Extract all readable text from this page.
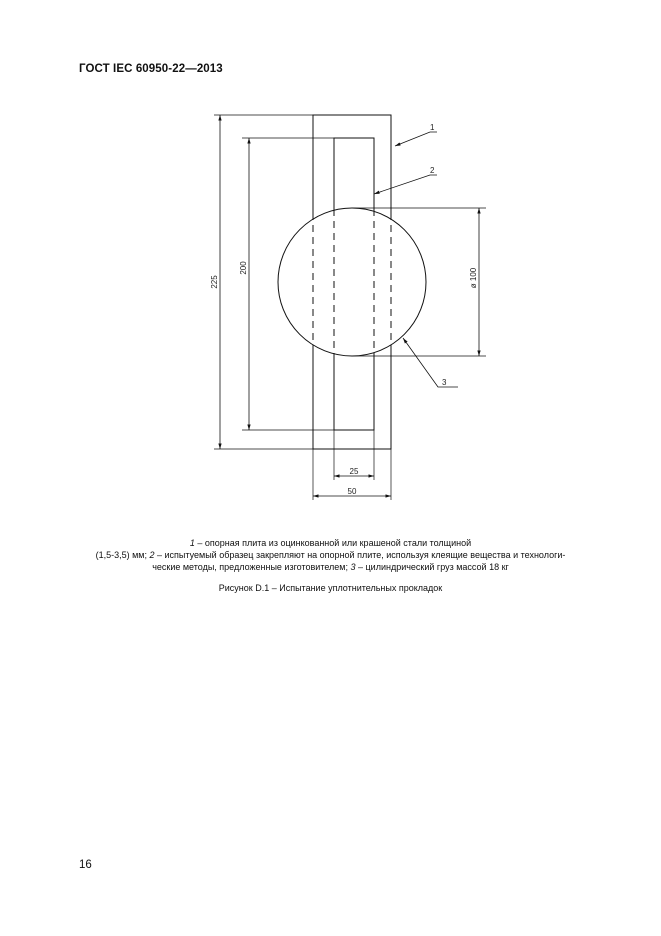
ГОСТ IEC 60950-22—2013
225
200	ø 100
25
50
1
2
3
1 – опорная плита из оцинкованной или крашеной стали толщиной
(1,5-3,5) мм; 2 – испытуемый образец закрепляют на опорной плите, используя клеящие вещества и технологи-
ческие методы, предложенные изготовителем; 3 – цилиндрический груз массой 18 кг
Рисунок D.1 – Испытание уплотнительных прокладок
16
